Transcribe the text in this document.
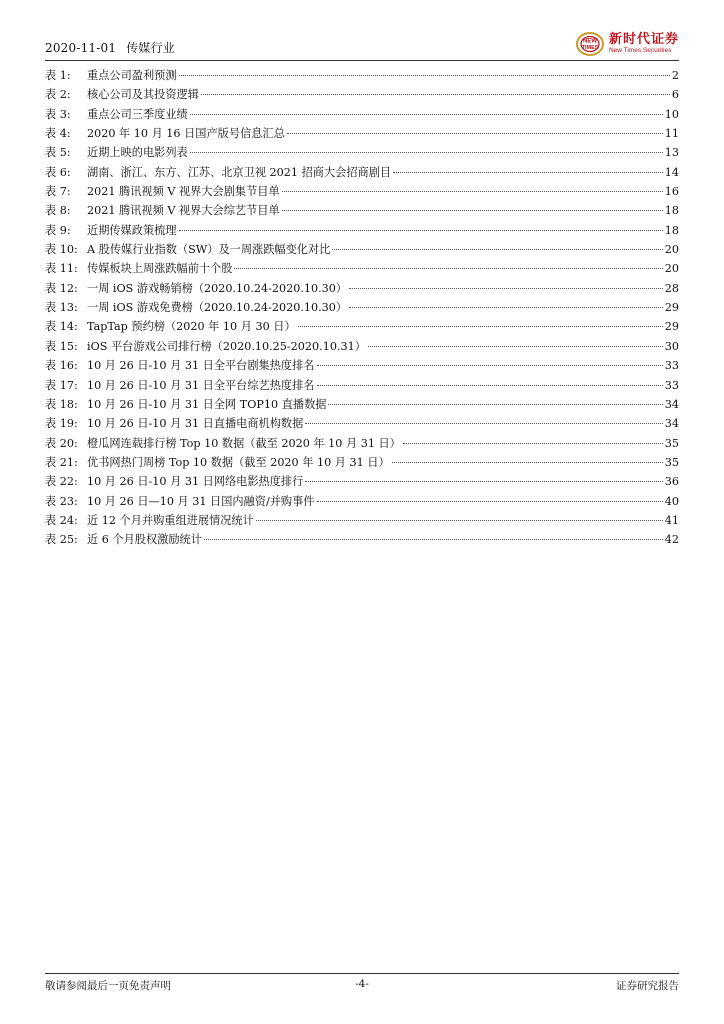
2020-11-01 传媒行业	NEW
TIMES
新时代证券
New Times Securities
表 1:	重点公司盈利预测	2
表 2:	核心公司及其投资逻辑	6
表 3:	重点公司三季度业绩	10
表 4:	2020 年 10 月 16 日国产版号信息汇总	11
表 5:	近期上映的电影列表	13
表 6:	湖南、浙江、东方、江苏、北京卫视 2021 招商大会招商剧目	14
表 7:	2021 腾讯视频 V 视界大会剧集节目单	16
表 8:	2021 腾讯视频 V 视界大会综艺节目单	18
表 9:	近期传媒政策梳理	18
表 10: A 股传媒行业指数（SW）及一周涨跌幅变化对比	20
表 11: 传媒板块上周涨跌幅前十个股	20
表 12: 一周 iOS 游戏畅销榜（2020.10.24-2020.10.30）	28
表 13: 一周 iOS 游戏免费榜（2020.10.24-2020.10.30）	29
表 14: TapTap 预约榜（2020 年 10 月 30 日）	29
表 15: iOS 平台游戏公司排行榜（2020.10.25-2020.10.31）	30
表 16: 10 月 26 日-10 月 31 日全平台剧集热度排名	33
表 17: 10 月 26 日-10 月 31 日全平台综艺热度排名	33
表 18: 10 月 26 日-10 月 31 日全网 TOP10 直播数据	34
表 19: 10 月 26 日-10 月 31 日直播电商机构数据	34
表 20: 橙瓜网连载排行榜 Top 10 数据（截至 2020 年 10 月 31 日）	35
表 21: 优书网热门周榜 Top 10 数据（截至 2020 年 10 月 31 日）	35
表 22: 10 月 26 日-10 月 31 日网络电影热度排行	36
表 23: 10 月 26 日—10 月 31 日国内融资/并购事件	40
表 24: 近 12 个月并购重组进展情况统计	41
表 25: 近 6 个月股权激励统计	42
敬请参阅最后一页免责声明	-4-	证券研究报告
